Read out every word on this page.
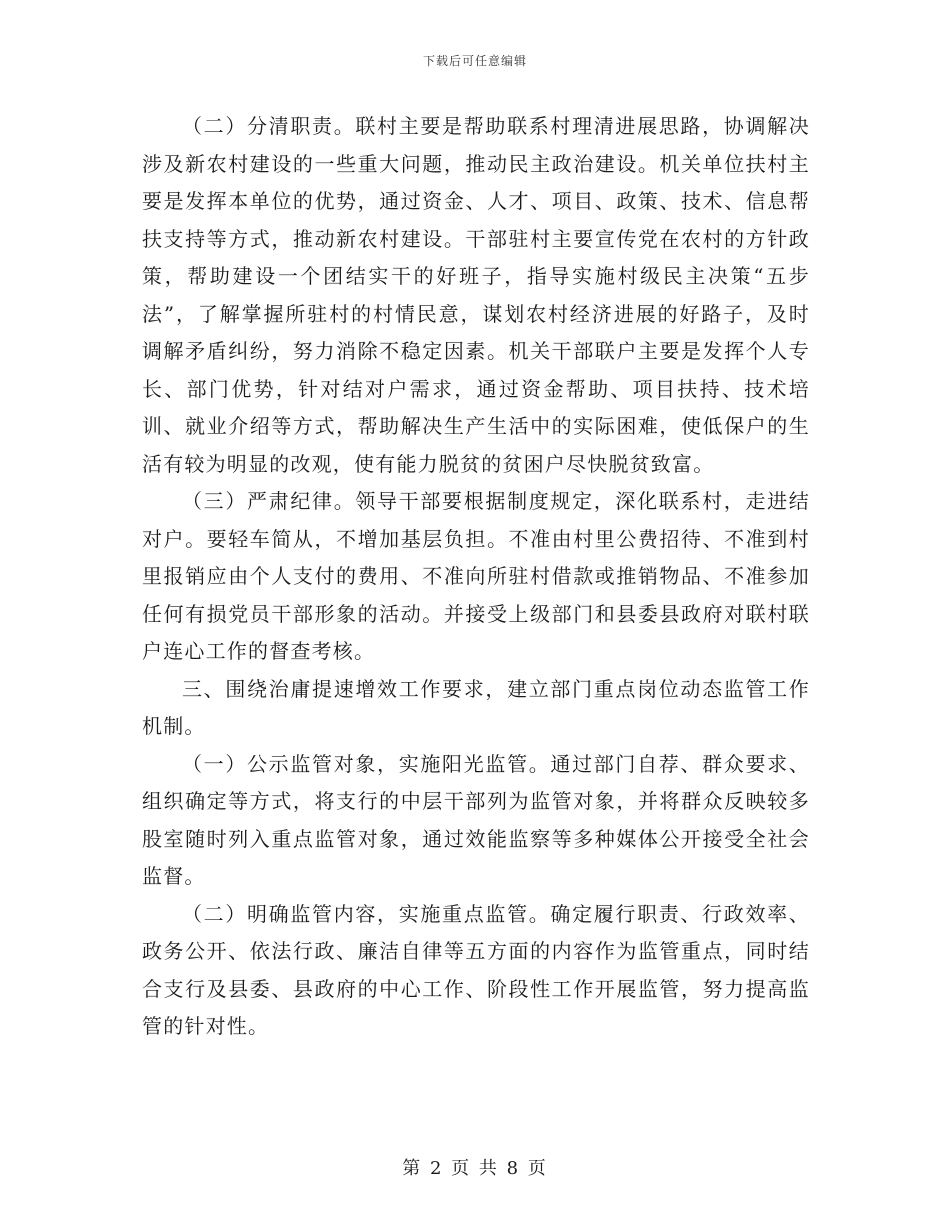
下载后可任意编辑

（二）分清职责。联村主要是帮助联系村理清进展思路，协调解决涉及新农村建设的一些重大问题，推动民主政治建设。机关单位扶村主要是发挥本单位的优势，通过资金、人才、项目、政策、技术、信息帮扶支持等方式，推动新农村建设。干部驻村主要宣传党在农村的方针政策，帮助建设一个团结实干的好班子，指导实施村级民主决策“五步法”，了解掌握所驻村的村情民意，谋划农村经济进展的好路子，及时调解矛盾纠纷，努力消除不稳定因素。机关干部联户主要是发挥个人专长、部门优势，针对结对户需求，通过资金帮助、项目扶持、技术培训、就业介绍等方式，帮助解决生产生活中的实际困难，使低保户的生活有较为明显的改观，使有能力脱贫的贫困户尽快脱贫致富。

（三）严肃纪律。领导干部要根据制度规定，深化联系村，走进结对户。要轻车简从，不增加基层负担。不准由村里公费招待、不准到村里报销应由个人支付的费用、不准向所驻村借款或推销物品、不准参加任何有损党员干部形象的活动。并接受上级部门和县委县政府对联村联户连心工作的督查考核。

三、围绕治庸提速增效工作要求，建立部门重点岗位动态监管工作机制。

（一）公示监管对象，实施阳光监管。通过部门自荐、群众要求、组织确定等方式，将支行的中层干部列为监管对象，并将群众反映较多股室随时列入重点监管对象，通过效能监察等多种媒体公开接受全社会监督。

（二）明确监管内容，实施重点监管。确定履行职责、行政效率、政务公开、依法行政、廉洁自律等五方面的内容作为监管重点，同时结合支行及县委、县政府的中心工作、阶段性工作开展监管，努力提高监管的针对性。

第 2 页 共 8 页
